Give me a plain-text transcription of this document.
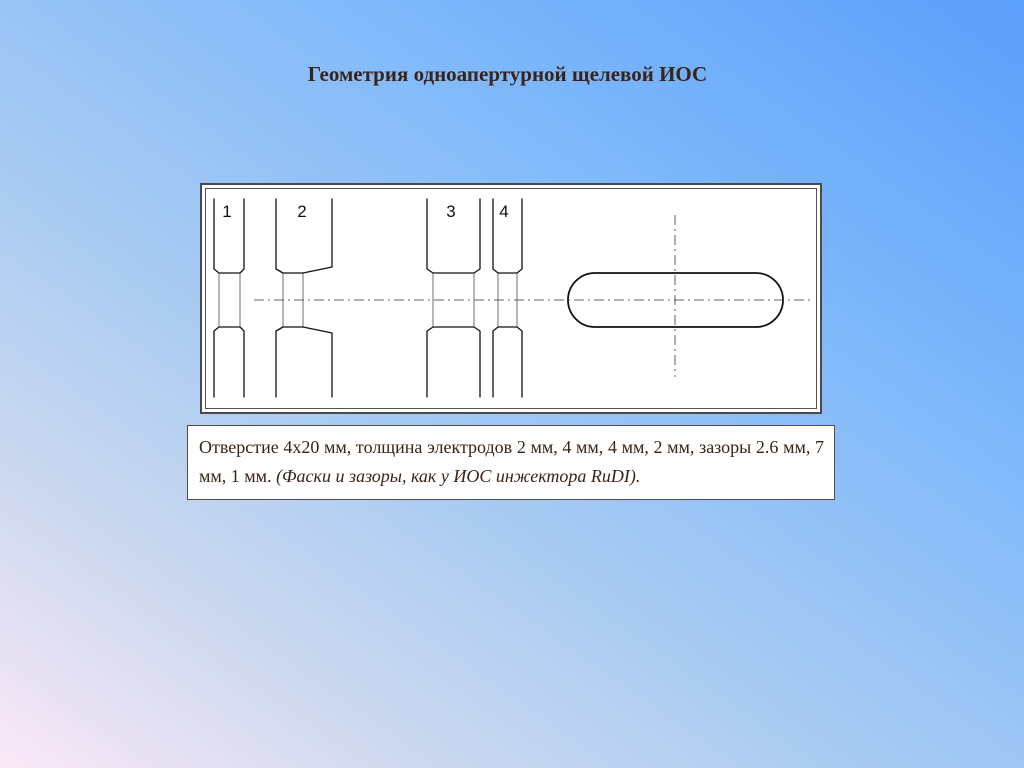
Геометрия одноапертурной щелевой ИОС
1	2	3	4
Отверстие 4х20 мм, толщина электродов 2 мм, 4 мм, 4 мм, 2 мм, зазоры 2.6 мм, 7 мм, 1 мм. (Фаски и зазоры, как у ИОС инжектора RuDI).
